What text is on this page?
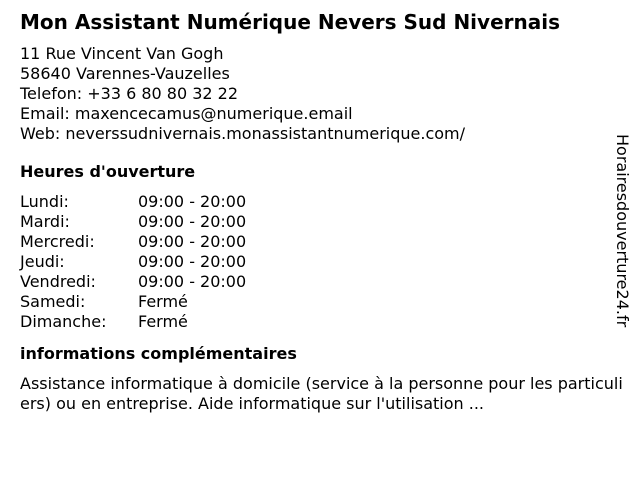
Mon Assistant Numérique Nevers Sud Nivernais
11 Rue Vincent Van Gogh
58640 Varennes-Vauzelles
Telefon: +33 6 80 80 32 22
Email: maxencecamus@numerique.email
Web: neverssudnivernais.monassistantnumerique.com/
Heures d'ouverture
Lundi:	09:00 - 20:00
Mardi:	09:00 - 20:00
Mercredi:	09:00 - 20:00
Jeudi:	09:00 - 20:00
Vendredi:	09:00 - 20:00
Samedi:	Fermé
Dimanche:	Fermé
informations complémentaires
Assistance informatique à domicile (service à la personne pour les particuliers) ou en entreprise. Aide informatique sur l'utilisation ...
Horairesdouverture24.fr
